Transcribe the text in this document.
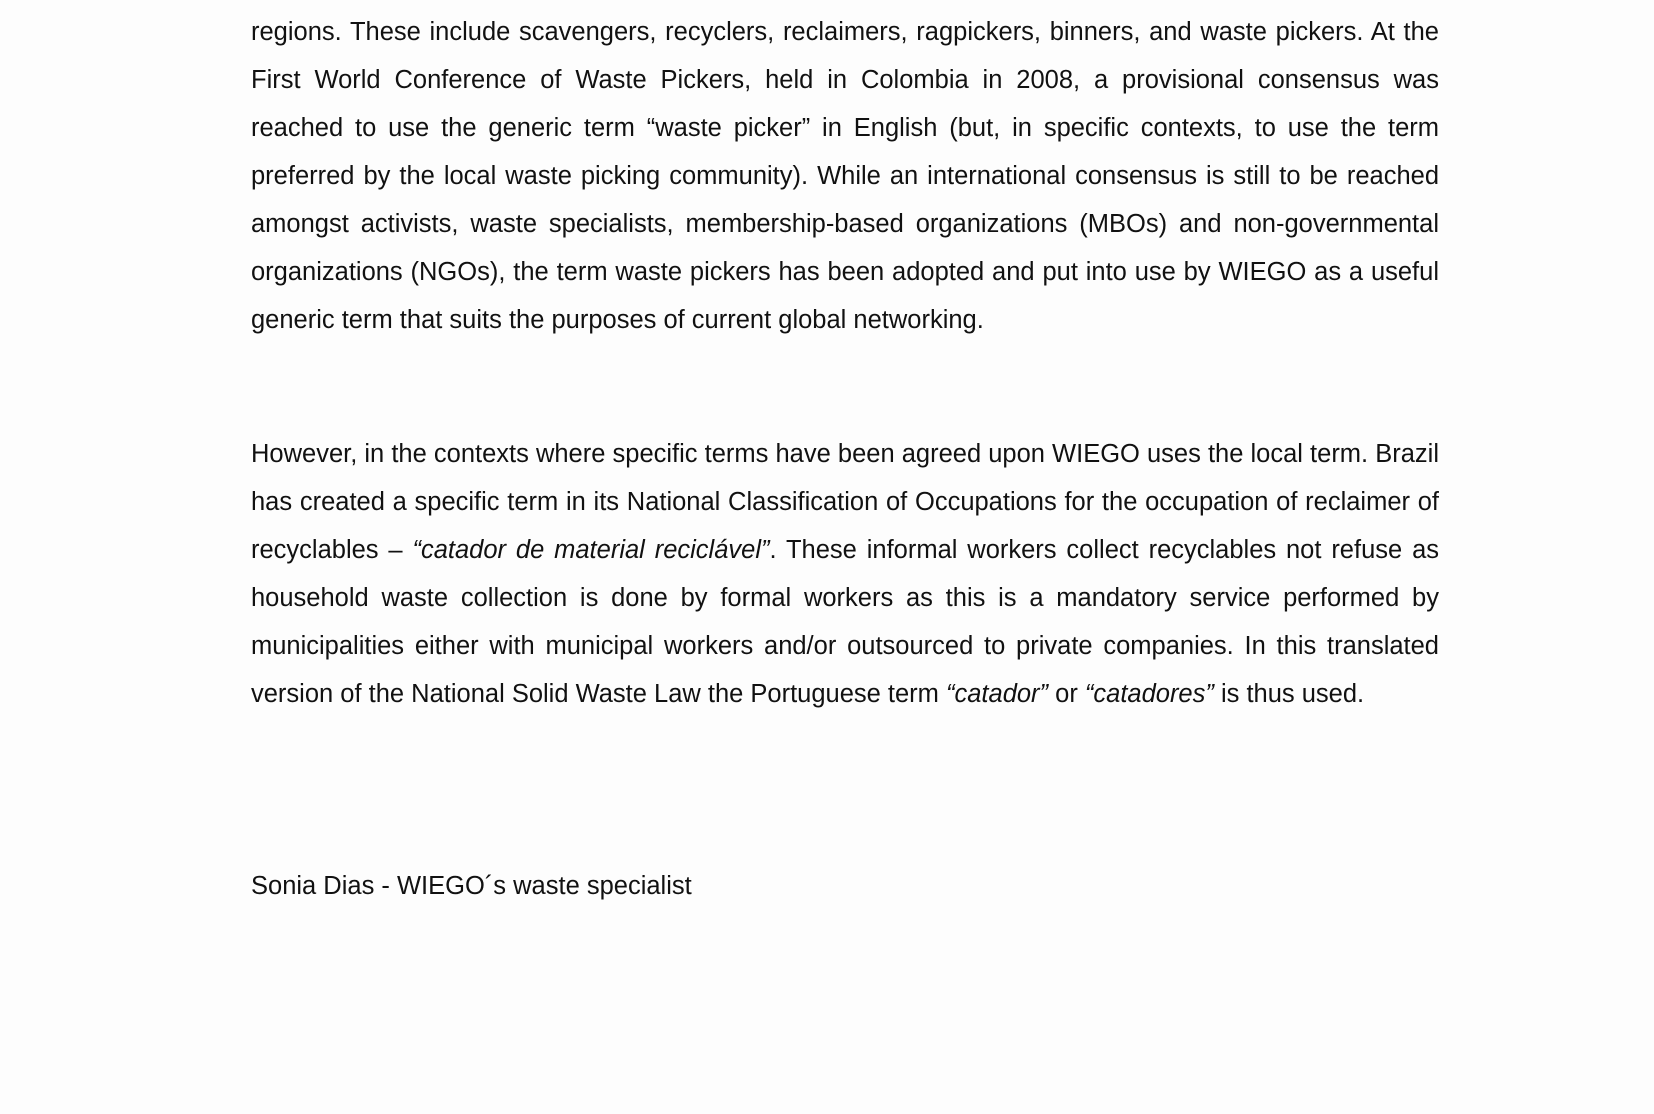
regions. These include scavengers, recyclers, reclaimers, ragpickers, binners, and waste pickers. At the First World Conference of Waste Pickers, held in Colombia in 2008, a provisional consensus was reached to use the generic term “waste picker” in English (but, in specific contexts, to use the term preferred by the local waste picking community). While an international consensus is still to be reached amongst activists, waste specialists, membership-based organizations (MBOs) and non-governmental organizations (NGOs), the term waste pickers has been adopted and put into use by WIEGO as a useful generic term that suits the purposes of current global networking.

However, in the contexts where specific terms have been agreed upon WIEGO uses the local term. Brazil has created a specific term in its National Classification of Occupations for the occupation of reclaimer of recyclables – “catador de material reciclável”. These informal workers collect recyclables not refuse as household waste collection is done by formal workers as this is a mandatory service performed by municipalities either with municipal workers and/or outsourced to private companies. In this translated version of the National Solid Waste Law the Portuguese term “catador” or “catadores” is thus used.

Sonia Dias - WIEGO´s waste specialist
